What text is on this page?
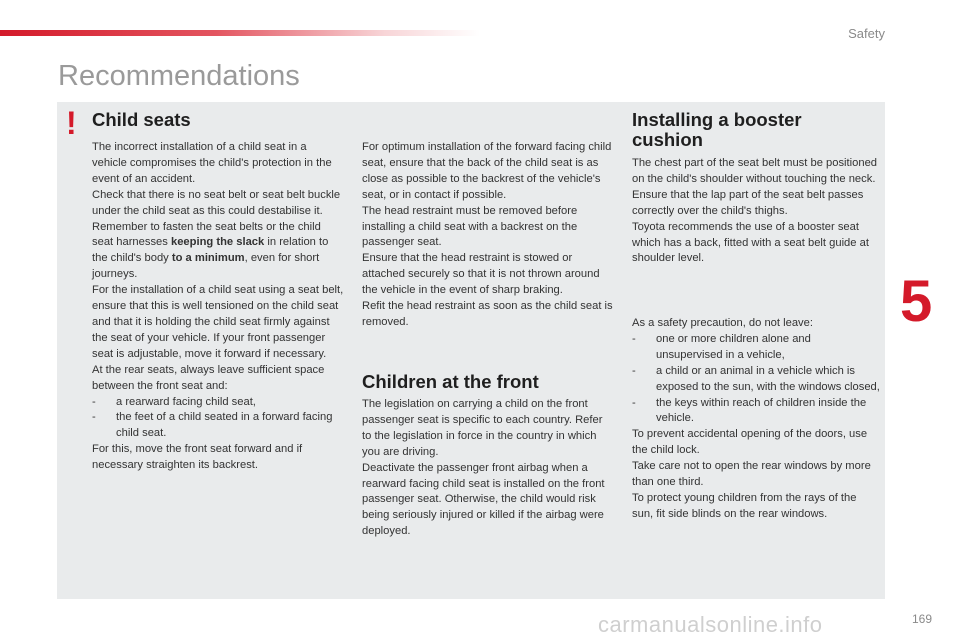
Safety
Recommendations
5
! Child seats

The incorrect installation of a child seat in a vehicle compromises the child's protection in the event of an accident.

Check that there is no seat belt or seat belt buckle under the child seat as this could destabilise it.

Remember to fasten the seat belts or the child seat harnesses keeping the slack in relation to the child's body to a minimum, even for short journeys.

For the installation of a child seat using a seat belt, ensure that this is well tensioned on the child seat and that it is holding the child seat firmly against the seat of your vehicle. If your front passenger seat is adjustable, move it forward if necessary.

At the rear seats, always leave sufficient space between the front seat and:

-	a rearward facing child seat,
-	the feet of a child seated in a forward facing child seat.

For this, move the front seat forward and if necessary straighten its backrest.

For optimum installation of the forward facing child seat, ensure that the back of the child seat is as close as possible to the backrest of the vehicle's seat, or in contact if possible.

The head restraint must be removed before installing a child seat with a backrest on the passenger seat.

Ensure that the head restraint is stowed or attached securely so that it is not thrown around the vehicle in the event of sharp braking.

Refit the head restraint as soon as the child seat is removed.

Children at the front

The legislation on carrying a child on the front passenger seat is specific to each country. Refer to the legislation in force in the country in which you are driving.

Deactivate the passenger front airbag when a rearward facing child seat is installed on the front passenger seat. Otherwise, the child would risk being seriously injured or killed if the airbag were deployed.

Installing a booster cushion

The chest part of the seat belt must be positioned on the child's shoulder without touching the neck.

Ensure that the lap part of the seat belt passes correctly over the child's thighs.

Toyota recommends the use of a booster seat which has a back, fitted with a seat belt guide at shoulder level.

As a safety precaution, do not leave:

-	one or more children alone and unsupervised in a vehicle,
-	a child or an animal in a vehicle which is exposed to the sun, with the windows closed,
-	the keys within reach of children inside the vehicle.

To prevent accidental opening of the doors, use the child lock.

Take care not to open the rear windows by more than one third.

To protect young children from the rays of the sun, fit side blinds on the rear windows.

carmanualsonline.info	169
